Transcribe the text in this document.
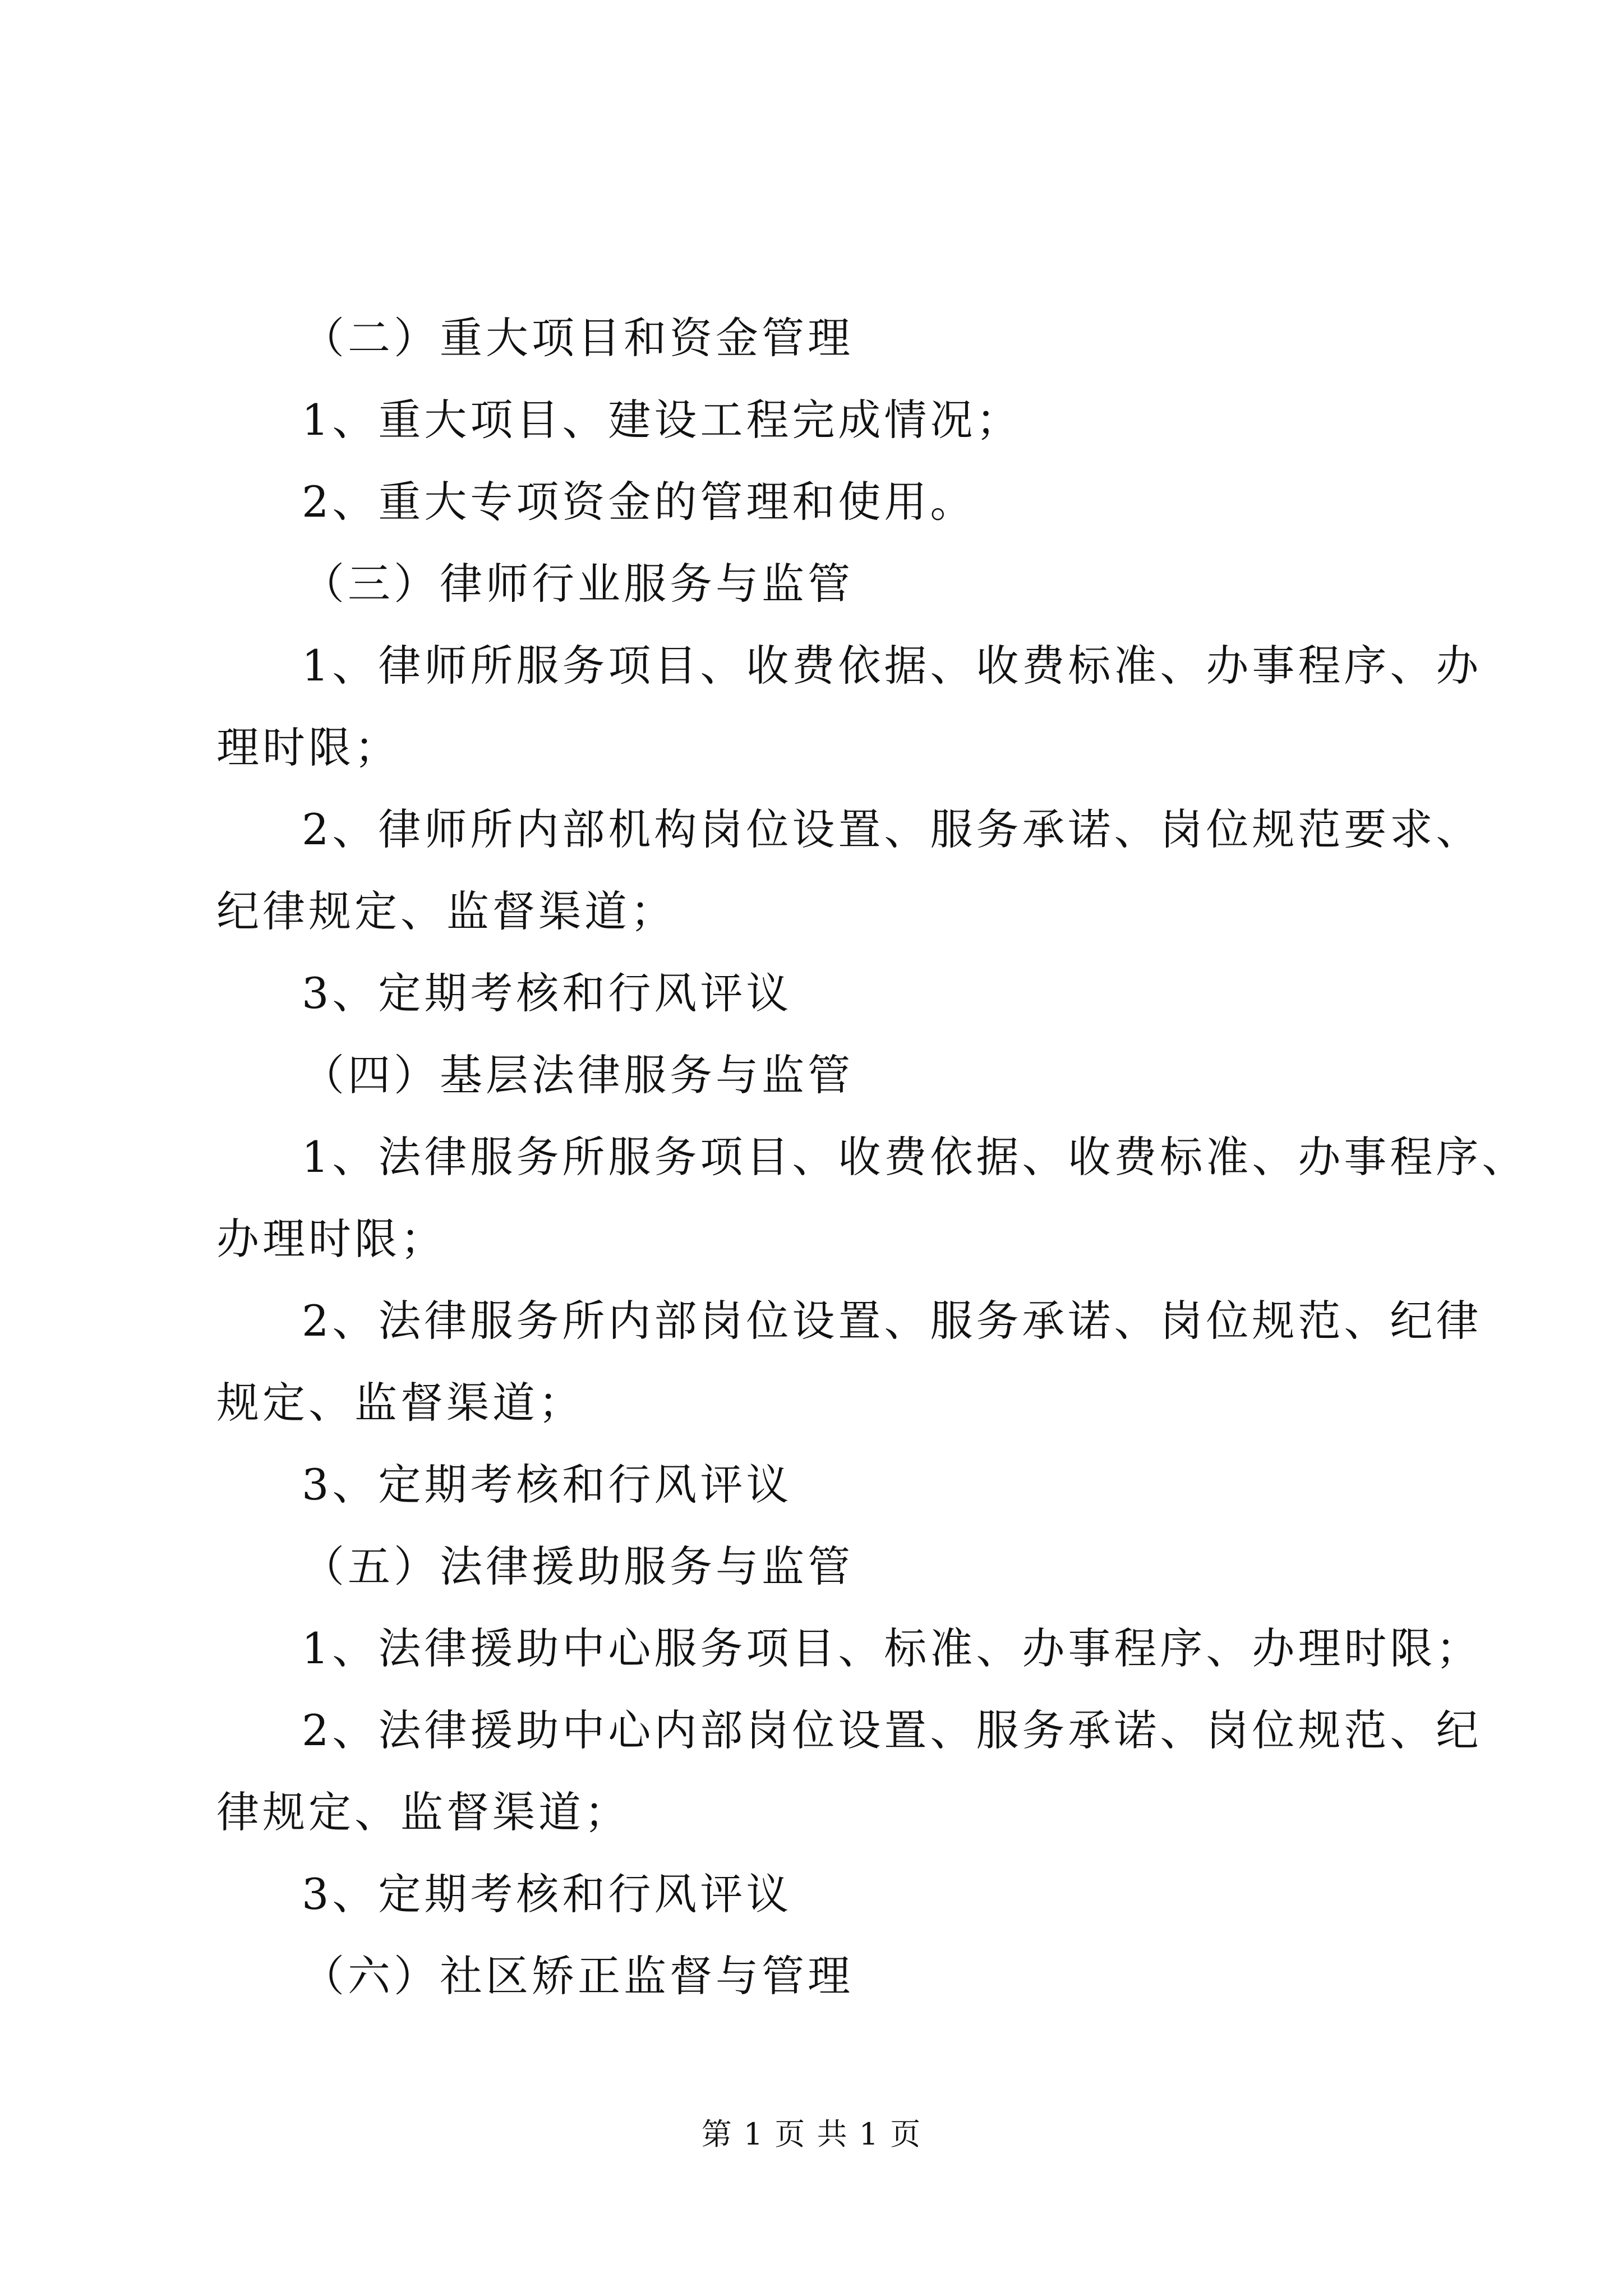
（二）重大项目和资金管理
1、重大项目、建设工程完成情况；
2、重大专项资金的管理和使用。
（三）律师行业服务与监管
1、律师所服务项目、收费依据、收费标准、办事程序、办
理时限；
2、律师所内部机构岗位设置、服务承诺、岗位规范要求、
纪律规定、监督渠道；
3、定期考核和行风评议
（四）基层法律服务与监管
1、法律服务所服务项目、收费依据、收费标准、办事程序、
办理时限；
2、法律服务所内部岗位设置、服务承诺、岗位规范、纪律
规定、监督渠道；
3、定期考核和行风评议
（五）法律援助服务与监管
1、法律援助中心服务项目、标准、办事程序、办理时限；
2、法律援助中心内部岗位设置、服务承诺、岗位规范、纪
律规定、监督渠道；
3、定期考核和行风评议
（六）社区矫正监督与管理
第 1 页 共 1 页
